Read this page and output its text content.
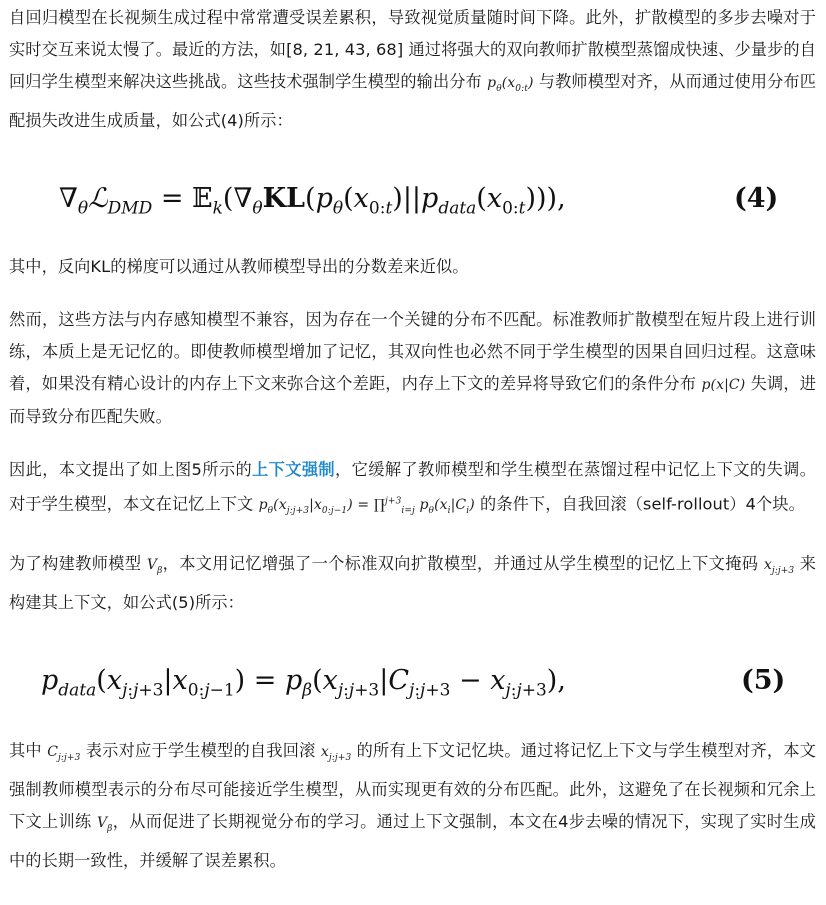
自回归模型在长视频生成过程中常常遭受误差累积，导致视觉质量随时间下降。此外，扩散模型的多步去噪对于实时交互来说太慢了。最近的方法，如[8, 21, 43, 68] 通过将强大的双向教师扩散模型蒸馏成快速、少量步的自回归学生模型来解决这些挑战。这些技术强制学生模型的输出分布 $p_\theta(x_{0:t})$ 与教师模型对齐，从而通过使用分布匹配损失改进生成质量，如公式(4)所示：

$\nabla_\theta ℒ_{DMD}$ = $𝔼_k(\nabla_\theta KL(p_\theta(x_{0:t})||p_{data}(x_{0:t})))$,	(4)

其中，反向KL的梯度可以通过从教师模型导出的分数差来近似。

然而，这些方法与内存感知模型不兼容，因为存在一个关键的分布不匹配。标准教师扩散模型在短片段上进行训练，本质上是无记忆的。即使教师模型增加了记忆，其双向性也必然不同于学生模型的因果自回归过程。这意味着，如果没有精心设计的内存上下文来弥合这个差距，内存上下文的差异将导致它们的条件分布 p(x|C) 失调，进而导致分布匹配失败。

因此，本文提出了如上图5所示的上下文强制，它缓解了教师模型和学生模型在蒸馏过程中记忆上下文的失调。对于学生模型，本文在记忆上下文 $p_\theta(x_{j:j+3}|x_{0:j-1})$ = ∏$^{j+3}_{i=j}$ $p_\theta(x_i|C_i)$ 的条件下，自我回滚（self-rollout）4个块。

为了构建教师模型 $V_\beta$，本文用记忆增强了一个标准双向扩散模型，并通过从学生模型的记忆上下文掩码 $x_{j:j+3}$ 来构建其上下文，如公式(5)所示：

$p_{data}(x_{j:j+3}|x_{0:j-1}) = p_\beta(x_{j:j+3}|C_{j:j+3} - x_{j:j+3})$,	(5)

其中 $C_{j:j+3}$ 表示对应于学生模型的自我回滚 $x_{j:j+3}$ 的所有上下文记忆块。通过将记忆上下文与学生模型对齐，本文强制教师模型表示的分布尽可能接近学生模型，从而实现更有效的分布匹配。此外，这避免了在长视频和冗余上下文上训练 $V_\beta$，从而促进了长期视觉分布的学习。通过上下文强制，本文在4步去噪的情况下，实现了实时生成中的长期一致性，并缓解了误差累积。
